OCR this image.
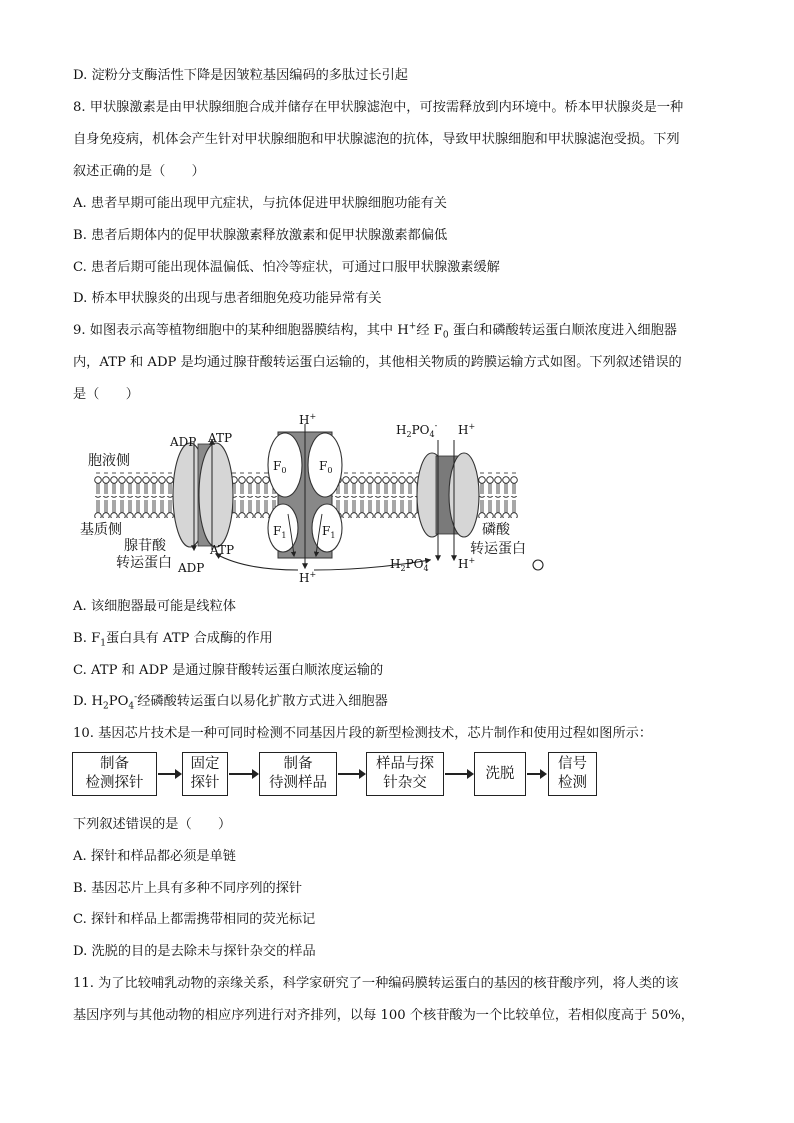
D. 淀粉分支酶活性下降是因皱粒基因编码的多肽过长引起
8. 甲状腺激素是由甲状腺细胞合成并储存在甲状腺滤泡中，可按需释放到内环境中。桥本甲状腺炎是一种
自身免疫病，机体会产生针对甲状腺细胞和甲状腺滤泡的抗体，导致甲状腺细胞和甲状腺滤泡受损。下列
叙述正确的是（　　）
A. 患者早期可能出现甲亢症状，与抗体促进甲状腺细胞功能有关
B. 患者后期体内的促甲状腺激素释放激素和促甲状腺激素都偏低
C. 患者后期可能出现体温偏低、怕冷等症状，可通过口服甲状腺激素缓解
D. 桥本甲状腺炎的出现与患者细胞免疫功能异常有关
9. 如图表示高等植物细胞中的某种细胞器膜结构，其中 H+经 $F_0$ 蛋白和磷酸转运蛋白顺浓度进入细胞器
内，ATP 和 ADP 是均通过腺苷酸转运蛋白运输的，其他相关物质的跨膜运输方式如图。下列叙述错误的
是（　　）
胞液侧
基质侧
腺苷酸
转运蛋白
ADP ATP
ATP
ADP
H+
H+
$F_0$	$F_0$
$F_1$	$F_1$
$H_2PO_4^-$ H+
$H_2PO_4^-$ H+
磷酸
转运蛋白
A. 该细胞器最可能是线粒体
B. $F_1$蛋白具有 ATP 合成酶的作用
C. ATP 和 ADP 是通过腺苷酸转运蛋白顺浓度运输的
D. $H_2PO_4^-$经磷酸转运蛋白以易化扩散方式进入细胞器
10. 基因芯片技术是一种可同时检测不同基因片段的新型检测技术，芯片制作和使用过程如图所示：
制备
检测探针
固定
探针
制备
待测样品
样品与探
针杂交
洗脱
信号
检测
下列叙述错误的是（　　）
A. 探针和样品都必须是单链
B. 基因芯片上具有多种不同序列的探针
C. 探针和样品上都需携带相同的荧光标记
D. 洗脱的目的是去除未与探针杂交的样品
11. 为了比较哺乳动物的亲缘关系，科学家研究了一种编码膜转运蛋白的基因的核苷酸序列，将人类的该
基因序列与其他动物的相应序列进行对齐排列，以每 100 个核苷酸为一个比较单位，若相似度高于 50%，
